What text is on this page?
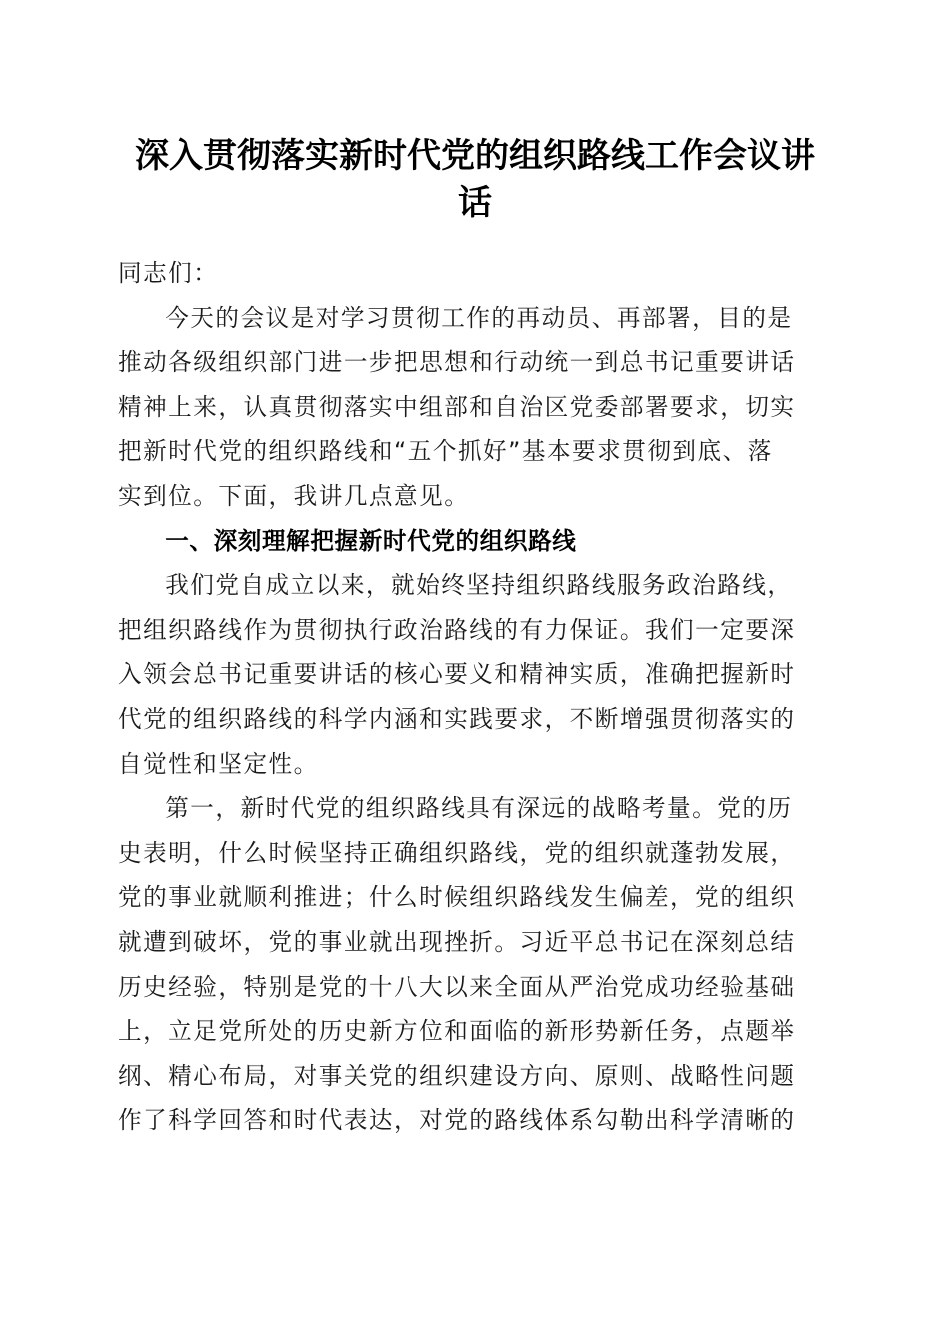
深入贯彻落实新时代党的组织路线工作会议讲
话

同志们：

今天的会议是对学习贯彻工作的再动员、再部署，目的是
推动各级组织部门进一步把思想和行动统一到总书记重要讲话
精神上来，认真贯彻落实中组部和自治区党委部署要求，切实
把新时代党的组织路线和“五个抓好”基本要求贯彻到底、落
实到位。下面，我讲几点意见。

一、深刻理解把握新时代党的组织路线

我们党自成立以来，就始终坚持组织路线服务政治路线，
把组织路线作为贯彻执行政治路线的有力保证。我们一定要深
入领会总书记重要讲话的核心要义和精神实质，准确把握新时
代党的组织路线的科学内涵和实践要求，不断增强贯彻落实的
自觉性和坚定性。

第一，新时代党的组织路线具有深远的战略考量。党的历
史表明，什么时候坚持正确组织路线，党的组织就蓬勃发展，
党的事业就顺利推进；什么时候组织路线发生偏差，党的组织
就遭到破坏，党的事业就出现挫折。习近平总书记在深刻总结
历史经验，特别是党的十八大以来全面从严治党成功经验基础
上，立足党所处的历史新方位和面临的新形势新任务，点题举
纲、精心布局，对事关党的组织建设方向、原则、战略性问题
作了科学回答和时代表达，对党的路线体系勾勒出科学清晰的
